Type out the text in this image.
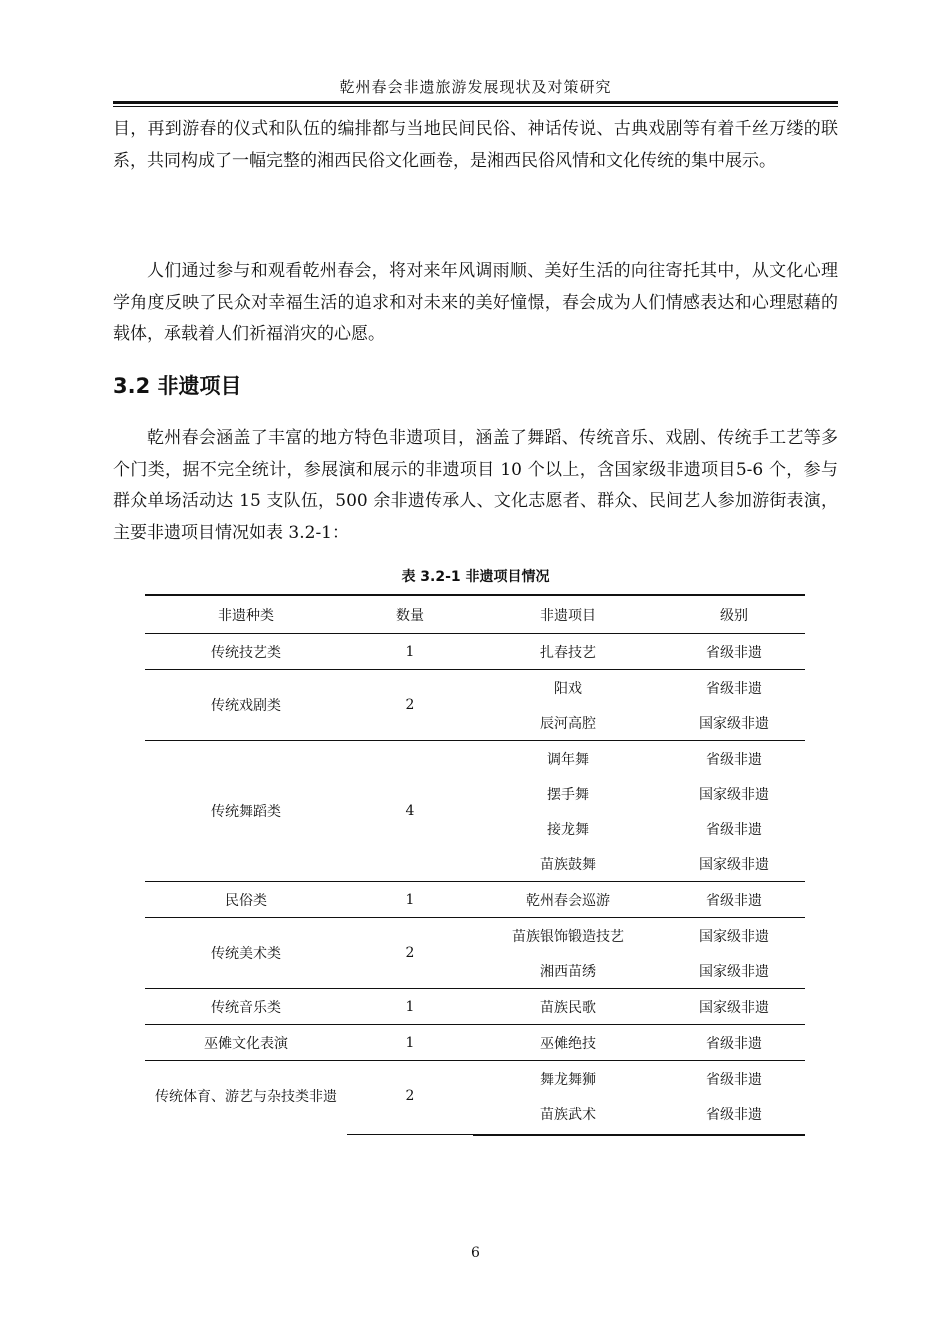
乾州春会非遗旅游发展现状及对策研究

目，再到游春的仪式和队伍的编排都与当地民间民俗、神话传说、古典戏剧等有着千丝万缕的联系，共同构成了一幅完整的湘西民俗文化画卷，是湘西民俗风情和文化传统的集中展示。

人们通过参与和观看乾州春会，将对来年风调雨顺、美好生活的向往寄托其中，从文化心理学角度反映了民众对幸福生活的追求和对未来的美好憧憬，春会成为人们情感表达和心理慰藉的载体，承载着人们祈福消灾的心愿。

3.2 非遗项目

乾州春会涵盖了丰富的地方特色非遗项目，涵盖了舞蹈、传统音乐、戏剧、传统手工艺等多个门类，据不完全统计，参展演和展示的非遗项目 10 个以上，含国家级非遗项目5-6 个，参与群众单场活动达 15 支队伍，500 余非遗传承人、文化志愿者、群众、民间艺人参加游街表演，主要非遗项目情况如表 3.2-1：

表 3.2-1 非遗项目情况
非遗种类	数量	非遗项目	级别
传统技艺类	1	扎春技艺	省级非遗
传统戏剧类	2	阳戏	省级非遗
		辰河高腔	国家级非遗
传统舞蹈类	4	调年舞	省级非遗
		摆手舞	国家级非遗
		接龙舞	省级非遗
		苗族鼓舞	国家级非遗
民俗类	1	乾州春会巡游	省级非遗
传统美术类	2	苗族银饰锻造技艺	国家级非遗
		湘西苗绣	国家级非遗
传统音乐类	1	苗族民歌	国家级非遗
巫傩文化表演	1	巫傩绝技	省级非遗
传统体育、游艺与杂技类非遗	2	舞龙舞狮	省级非遗
		苗族武术	省级非遗
6
